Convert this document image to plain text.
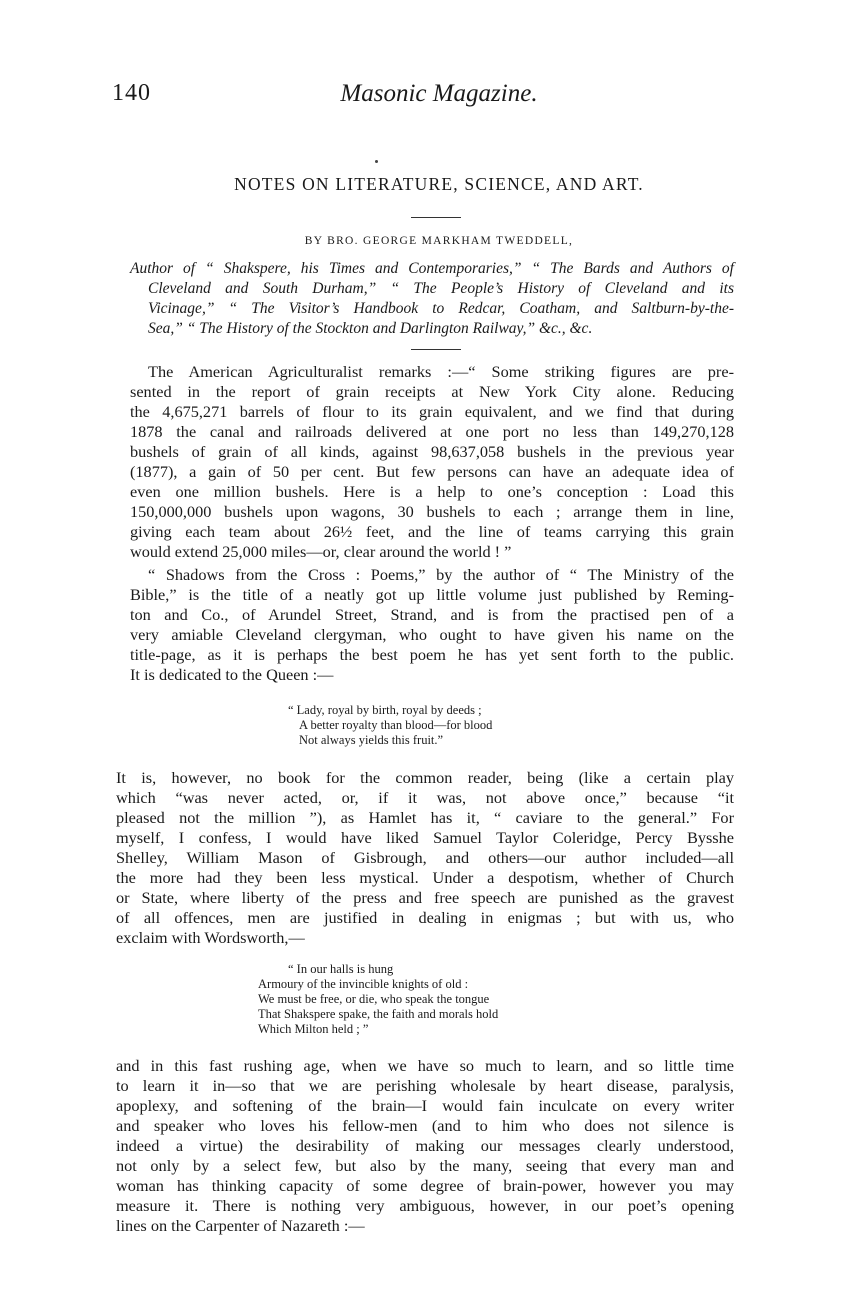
140	Masonic Magazine.
NOTES ON LITERATURE, SCIENCE, AND ART.
BY BRO. GEORGE MARKHAM TWEDDELL,
Author of “ Shakspere, his Times and Contemporaries,” “ The Bards and Authors of
Cleveland and South Durham,” “ The People’s History of Cleveland and its
Vicinage,” “ The Visitor’s Handbook to Redcar, Coatham, and Saltburn-by-the-
Sea,” “ The History of the Stockton and Darlington Railway,” &c., &c.
The American Agriculturalist remarks :—“ Some striking figures are pre-
sented in the report of grain receipts at New York City alone. Reducing
the 4,675,271 barrels of flour to its grain equivalent, and we find that during
1878 the canal and railroads delivered at one port no less than 149,270,128
bushels of grain of all kinds, against 98,637,058 bushels in the previous year
(1877), a gain of 50 per cent. But few persons can have an adequate idea of
even one million bushels. Here is a help to one’s conception : Load this
150,000,000 bushels upon wagons, 30 bushels to each ; arrange them in line,
giving each team about 26½ feet, and the line of teams carrying this grain
would extend 25,000 miles—or, clear around the world ! ”
“ Shadows from the Cross : Poems,” by the author of “ The Ministry of the
Bible,” is the title of a neatly got up little volume just published by Reming-
ton and Co., of Arundel Street, Strand, and is from the practised pen of a
very amiable Cleveland clergyman, who ought to have given his name on the
title-page, as it is perhaps the best poem he has yet sent forth to the public.
It is dedicated to the Queen :—
“ Lady, royal by birth, royal by deeds ;
A better royalty than blood—for blood
Not always yields this fruit.”
It is, however, no book for the common reader, being (like a certain play
which “was never acted, or, if it was, not above once,” because “it
pleased not the million ”), as Hamlet has it, “ caviare to the general.” For
myself, I confess, I would have liked Samuel Taylor Coleridge, Percy Bysshe
Shelley, William Mason of Gisbrough, and others—our author included—all
the more had they been less mystical. Under a despotism, whether of Church
or State, where liberty of the press and free speech are punished as the gravest
of all offences, men are justified in dealing in enigmas ; but with us, who
exclaim with Wordsworth,—
“ In our halls is hung
Armoury of the invincible knights of old :
We must be free, or die, who speak the tongue
That Shakspere spake, the faith and morals hold
Which Milton held ; ”
and in this fast rushing age, when we have so much to learn, and so little time
to learn it in—so that we are perishing wholesale by heart disease, paralysis,
apoplexy, and softening of the brain—I would fain inculcate on every writer
and speaker who loves his fellow-men (and to him who does not silence is
indeed a virtue) the desirability of making our messages clearly understood,
not only by a select few, but also by the many, seeing that every man and
woman has thinking capacity of some degree of brain-power, however you may
measure it. There is nothing very ambiguous, however, in our poet’s opening
lines on the Carpenter of Nazareth :—
